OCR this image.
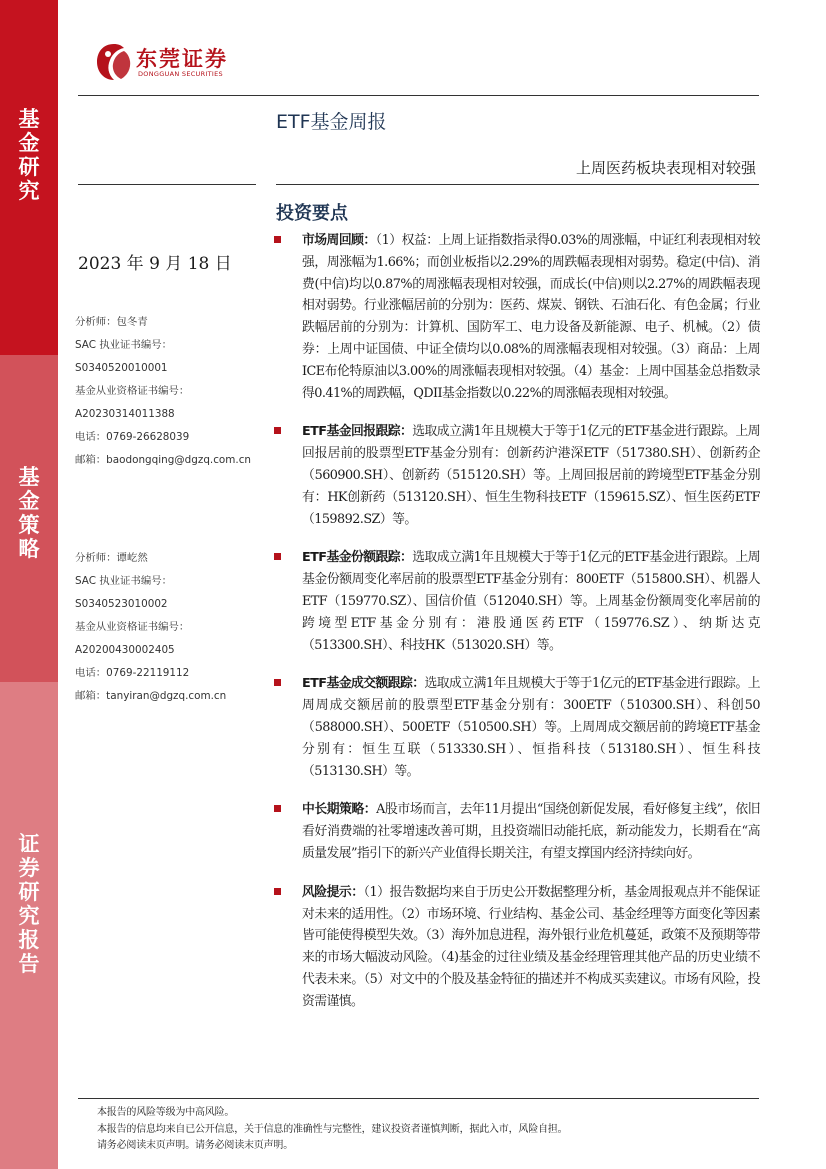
基
金
研
究
基
金
策
略
证
券
研
究
报
告
东莞证券
DONGGUAN SECURITIES
ETF基金周报
上周医药板块表现相对较强
投资要点
2023 年 9 月 18 日
分析师：包冬青
SAC 执业证书编号：
S0340520010001
基金从业资格证书编号：
A20230314011388
电话：0769-26628039
邮箱：baodongqing@dgzq.com.cn
分析师：谭屹然
SAC 执业证书编号：
S0340523010002
基金从业资格证书编号：
A20200430002405
电话：0769-22119112
邮箱：tanyiran@dgzq.com.cn
市场周回顾：（1）权益：上周上证指数指录得0.03%的周涨幅，中证红利表现相对较强，周涨幅为1.66%；而创业板指以2.29%的周跌幅表现相对弱势。稳定(中信)、消费(中信)均以0.87%的周涨幅表现相对较强，而成长(中信)则以2.27%的周跌幅表现相对弱势。行业涨幅居前的分别为：医药、煤炭、钢铁、石油石化、有色金属；行业跌幅居前的分别为：计算机、国防军工、电力设备及新能源、电子、机械。（2）债券：上周中证国债、中证全债均以0.08%的周涨幅表现相对较强。（3）商品：上周ICE布伦特原油以3.00%的周涨幅表现相对较强。（4）基金：上周中国基金总指数录得0.41%的周跌幅，QDII基金指数以0.22%的周涨幅表现相对较强。
ETF基金回报跟踪：选取成立满1年且规模大于等于1亿元的ETF基金进行跟踪。上周回报居前的股票型ETF基金分别有：创新药沪港深ETF（517380.SH）、创新药企（560900.SH）、创新药（515120.SH）等。上周回报居前的跨境型ETF基金分别有：HK创新药（513120.SH）、恒生生物科技ETF（159615.SZ）、恒生医药ETF（159892.SZ）等。
ETF基金份额跟踪：选取成立满1年且规模大于等于1亿元的ETF基金进行跟踪。上周基金份额周变化率居前的股票型ETF基金分别有：800ETF（515800.SH）、机器人ETF（159770.SZ）、国信价值（512040.SH）等。上周基金份额周变化率居前的跨境型ETF基金分别有：港股通医药ETF（159776.SZ）、纳斯达克（513300.SH）、科技HK（513020.SH）等。
ETF基金成交额跟踪：选取成立满1年且规模大于等于1亿元的ETF基金进行跟踪。上周周成交额居前的股票型ETF基金分别有：300ETF（510300.SH）、科创50（588000.SH）、500ETF（510500.SH）等。上周周成交额居前的跨境ETF基金分别有：恒生互联（513330.SH）、恒指科技（513180.SH）、恒生科技（513130.SH）等。
中长期策略：A股市场而言，去年11月提出“国绕创新促发展，看好修复主线”，依旧看好消费端的社零增速改善可期，且投资端旧动能托底，新动能发力，长期看在“高质量发展”指引下的新兴产业值得长期关注，有望支撑国内经济持续向好。
风险提示：（1）报告数据均来自于历史公开数据整理分析，基金周报观点并不能保证对未来的适用性。（2）市场环境、行业结构、基金公司、基金经理等方面变化等因素皆可能使得模型失效。（3）海外加息进程，海外银行业危机蔓延，政策不及预期等带来的市场大幅波动风险。（4)基金的过往业绩及基金经理管理其他产品的历史业绩不代表未来。（5）对文中的个股及基金特征的描述并不构成买卖建议。市场有风险，投资需谨慎。
本报告的风险等级为中高风险。
本报告的信息均来自已公开信息，关于信息的准确性与完整性，建议投资者谨慎判断，据此入市，风险自担。
请务必阅读末页声明。请务必阅读末页声明。
